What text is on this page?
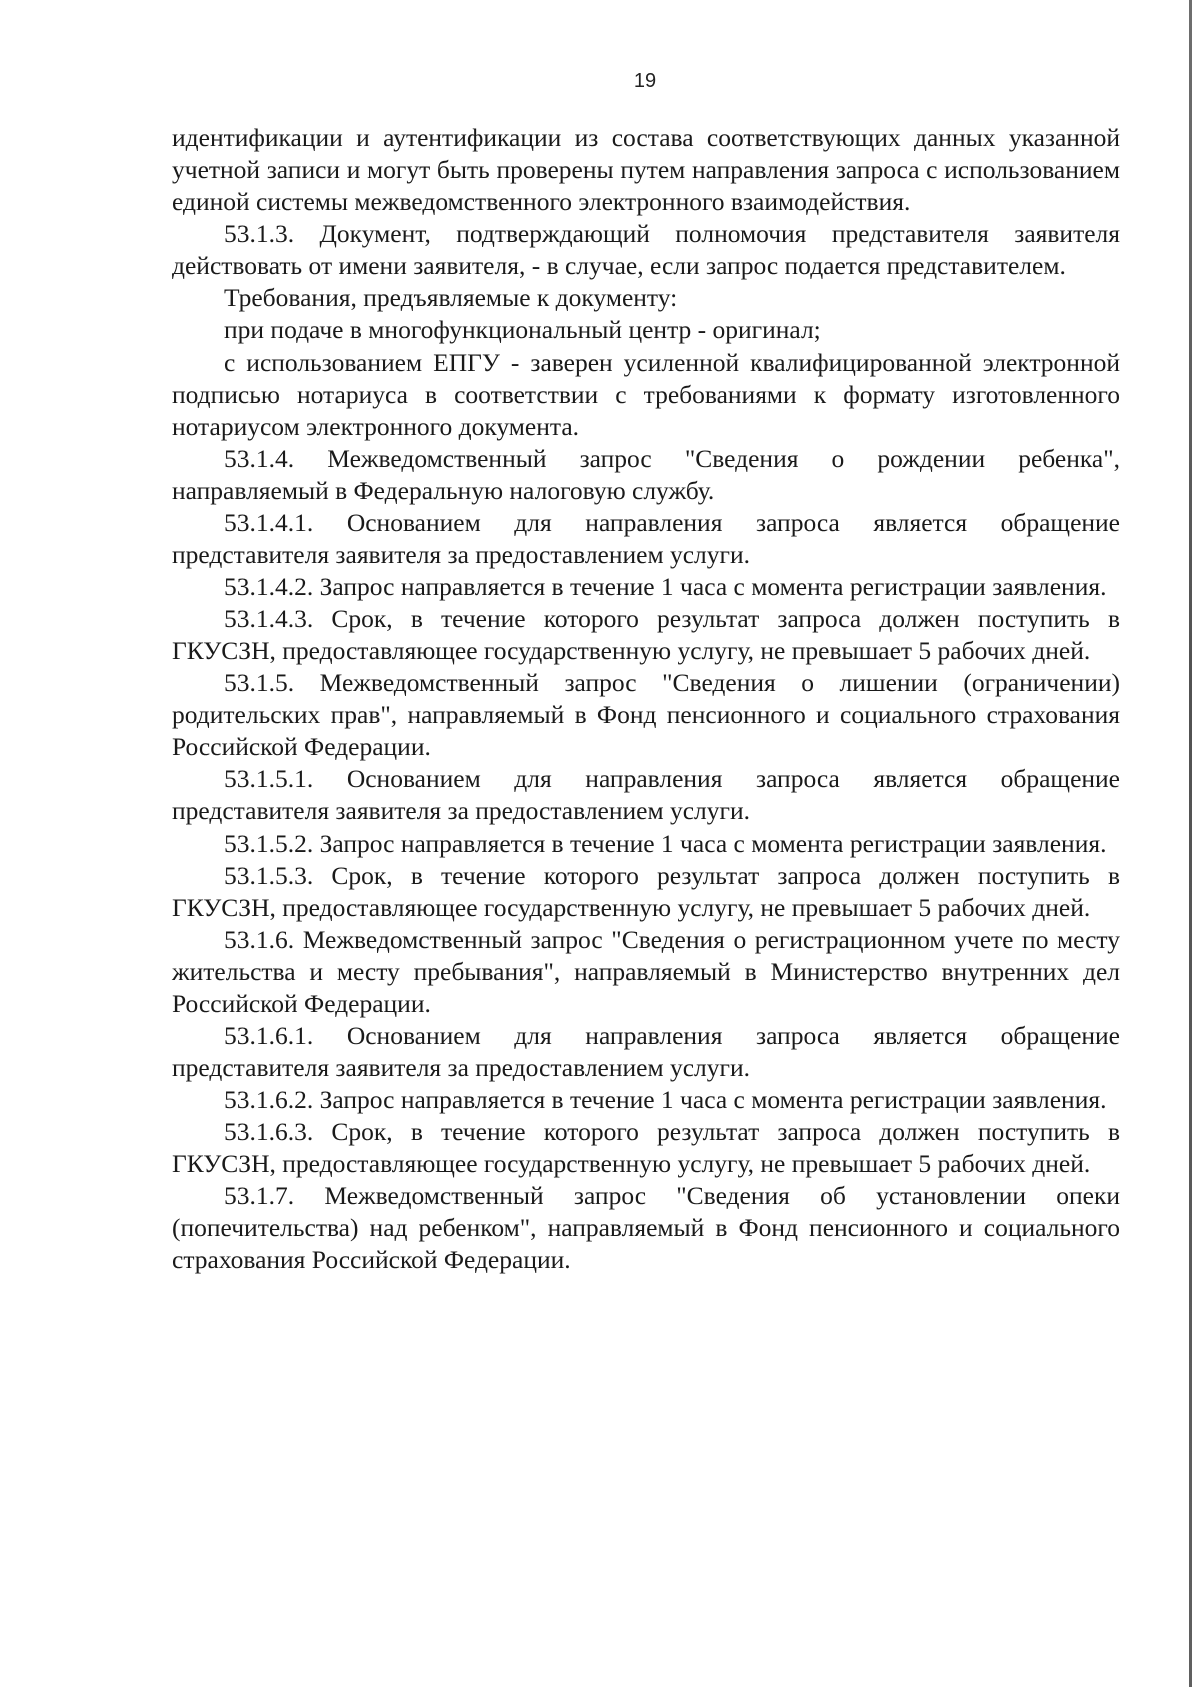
19

идентификации и аутентификации из состава соответствующих данных указанной учетной записи и могут быть проверены путем направления запроса с использованием единой системы межведомственного электронного взаимодействия.

53.1.3. Документ, подтверждающий полномочия представителя заявителя действовать от имени заявителя, - в случае, если запрос подается представителем.

Требования, предъявляемые к документу:

при подаче в многофункциональный центр - оригинал;

с использованием ЕПГУ - заверен усиленной квалифицированной электронной подписью нотариуса в соответствии с требованиями к формату изготовленного нотариусом электронного документа.

53.1.4. Межведомственный запрос "Сведения о рождении ребенка", направляемый в Федеральную налоговую службу.

53.1.4.1. Основанием для направления запроса является обращение представителя заявителя за предоставлением услуги.

53.1.4.2. Запрос направляется в течение 1 часа с момента регистрации заявления.

53.1.4.3. Срок, в течение которого результат запроса должен поступить в ГКУСЗН, предоставляющее государственную услугу, не превышает 5 рабочих дней.

53.1.5. Межведомственный запрос "Сведения о лишении (ограничении) родительских прав", направляемый в Фонд пенсионного и социального страхования Российской Федерации.

53.1.5.1. Основанием для направления запроса является обращение представителя заявителя за предоставлением услуги.

53.1.5.2. Запрос направляется в течение 1 часа с момента регистрации заявления.

53.1.5.3. Срок, в течение которого результат запроса должен поступить в ГКУСЗН, предоставляющее государственную услугу, не превышает 5 рабочих дней.

53.1.6. Межведомственный запрос "Сведения о регистрационном учете по месту жительства и месту пребывания", направляемый в Министерство внутренних дел Российской Федерации.

53.1.6.1. Основанием для направления запроса является обращение представителя заявителя за предоставлением услуги.

53.1.6.2. Запрос направляется в течение 1 часа с момента регистрации заявления.

53.1.6.3. Срок, в течение которого результат запроса должен поступить в ГКУСЗН, предоставляющее государственную услугу, не превышает 5 рабочих дней.

53.1.7. Межведомственный запрос "Сведения об установлении опеки (попечительства) над ребенком", направляемый в Фонд пенсионного и социального страхования Российской Федерации.
